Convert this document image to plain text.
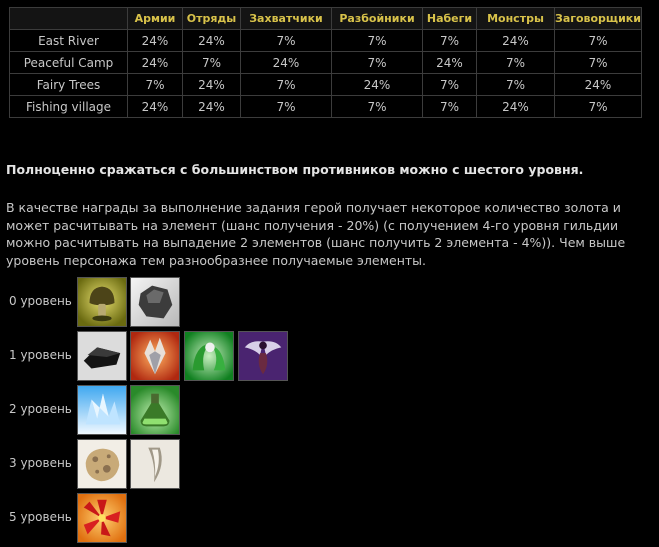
	Армии	Отряды	Захватчики	Разбойники	Набеги	Монстры	Заговорщики
East River	24%	24%	7%	7%	7%	24%	7%
Peaceful Camp	24%	7%	24%	7%	24%	7%	7%
Fairy Trees	7%	24%	7%	24%	7%	7%	24%
Fishing village	24%	24%	7%	7%	7%	24%	7%

Полноценно сражаться с большинством противников можно с шестого уровня.

В качестве награды за выполнение задания герой получает некоторое количество золота и может расчитывать на элемент (шанс получения - 20%) (с получением 4-го уровня гильдии можно расчитывать на выпадение 2 элементов (шанс получить 2 элемента - 4%)). Чем выше уровень персонажа тем разнообразнее получаемые элементы.

0 уровень
1 уровень
2 уровень
3 уровень
5 уровень
